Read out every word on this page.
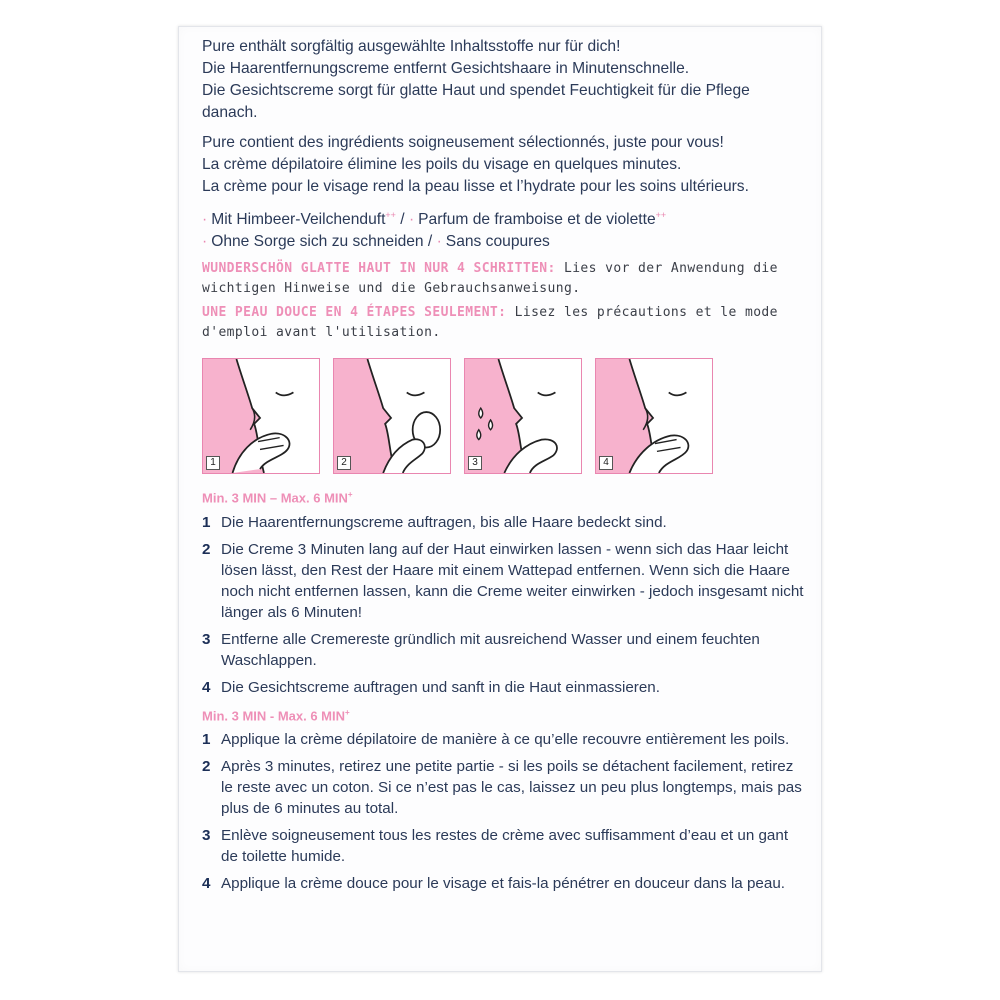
Pure enthält sorgfältig ausgewählte Inhaltsstoffe nur für dich!
Die Haarentfernungscreme entfernt Gesichtshaare in Minutenschnelle.
Die Gesichtscreme sorgt für glatte Haut und spendet Feuchtigkeit für die Pflege danach.

Pure contient des ingrédients soigneusement sélectionnés, juste pour vous!
La crème dépilatoire élimine les poils du visage en quelques minutes.
La crème pour le visage rend la peau lisse et l’hydrate pour les soins ultérieurs.

· Mit Himbeer-Veilchenduft++ / · Parfum de framboise et de violette++
· Ohne Sorge sich zu schneiden / · Sans coupures
WUNDERSCHÖN GLATTE HAUT IN NUR 4 SCHRITTEN: Lies vor der Anwendung die wichtigen Hinweise und die Gebrauchsanweisung.
UNE PEAU DOUCE EN 4 ÉTAPES SEULEMENT: Lisez les précautions et le mode d'emploi avant l'utilisation.
1	2	3	4
Min. 3 MIN – Max. 6 MIN+
1 Die Haarentfernungscreme auftragen, bis alle Haare bedeckt sind.
2 Die Creme 3 Minuten lang auf der Haut einwirken lassen - wenn sich das Haar leicht lösen lässt, den Rest der Haare mit einem Wattepad entfernen. Wenn sich die Haare noch nicht entfernen lassen, kann die Creme weiter einwirken - jedoch insgesamt nicht länger als 6 Minuten!
3 Entferne alle Cremereste gründlich mit ausreichend Wasser und einem feuchten Waschlappen.
4 Die Gesichtscreme auftragen und sanft in die Haut einmassieren.
Min. 3 MIN - Max. 6 MIN+
1 Applique la crème dépilatoire de manière à ce qu’elle recouvre entièrement les poils.
2 Après 3 minutes, retirez une petite partie - si les poils se détachent facilement, retirez le reste avec un coton. Si ce n’est pas le cas, laissez un peu plus longtemps, mais pas plus de 6 minutes au total.
3 Enlève soigneusement tous les restes de crème avec suffisamment d’eau et un gant de toilette humide.
4 Applique la crème douce pour le visage et fais-la pénétrer en douceur dans la peau.
